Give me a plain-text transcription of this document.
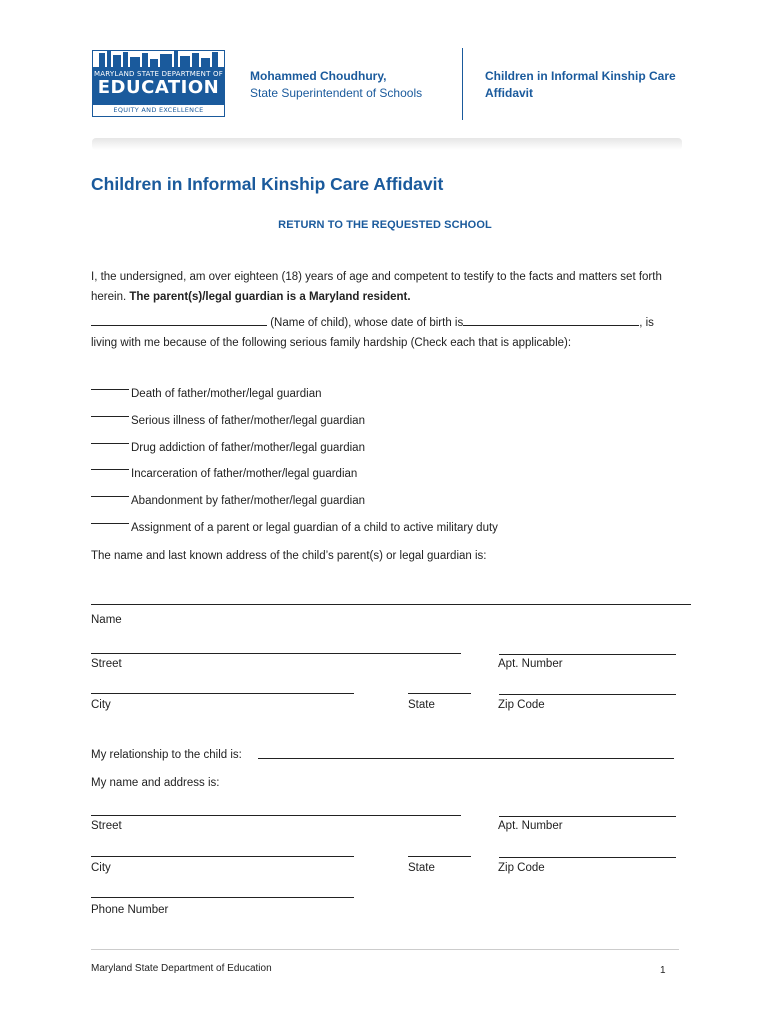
MARYLAND STATE DEPARTMENT OF
EDUCATION
EQUITY AND EXCELLENCE
Mohammed Choudhury,
State Superintendent of Schools
Children in Informal Kinship Care
Affidavit
Children in Informal Kinship Care Affidavit
RETURN TO THE REQUESTED SCHOOL
I, the undersigned, am over eighteen (18) years of age and competent to testify to the facts and matters set forth herein. The parent(s)/legal guardian is a Maryland resident.
(Name of child), whose date of birth is	, is
living with me because of the following serious family hardship (Check each that is applicable):
Death of father/mother/legal guardian
Serious illness of father/mother/legal guardian
Drug addiction of father/mother/legal guardian
Incarceration of father/mother/legal guardian
Abandonment by father/mother/legal guardian
Assignment of a parent or legal guardian of a child to active military duty
The name and last known address of the child’s parent(s) or legal guardian is:
Name
Street	Apt. Number
City	State	Zip Code
My relationship to the child is:
My name and address is:
Street	Apt. Number
City	State	Zip Code
Phone Number
Maryland State Department of Education	1
